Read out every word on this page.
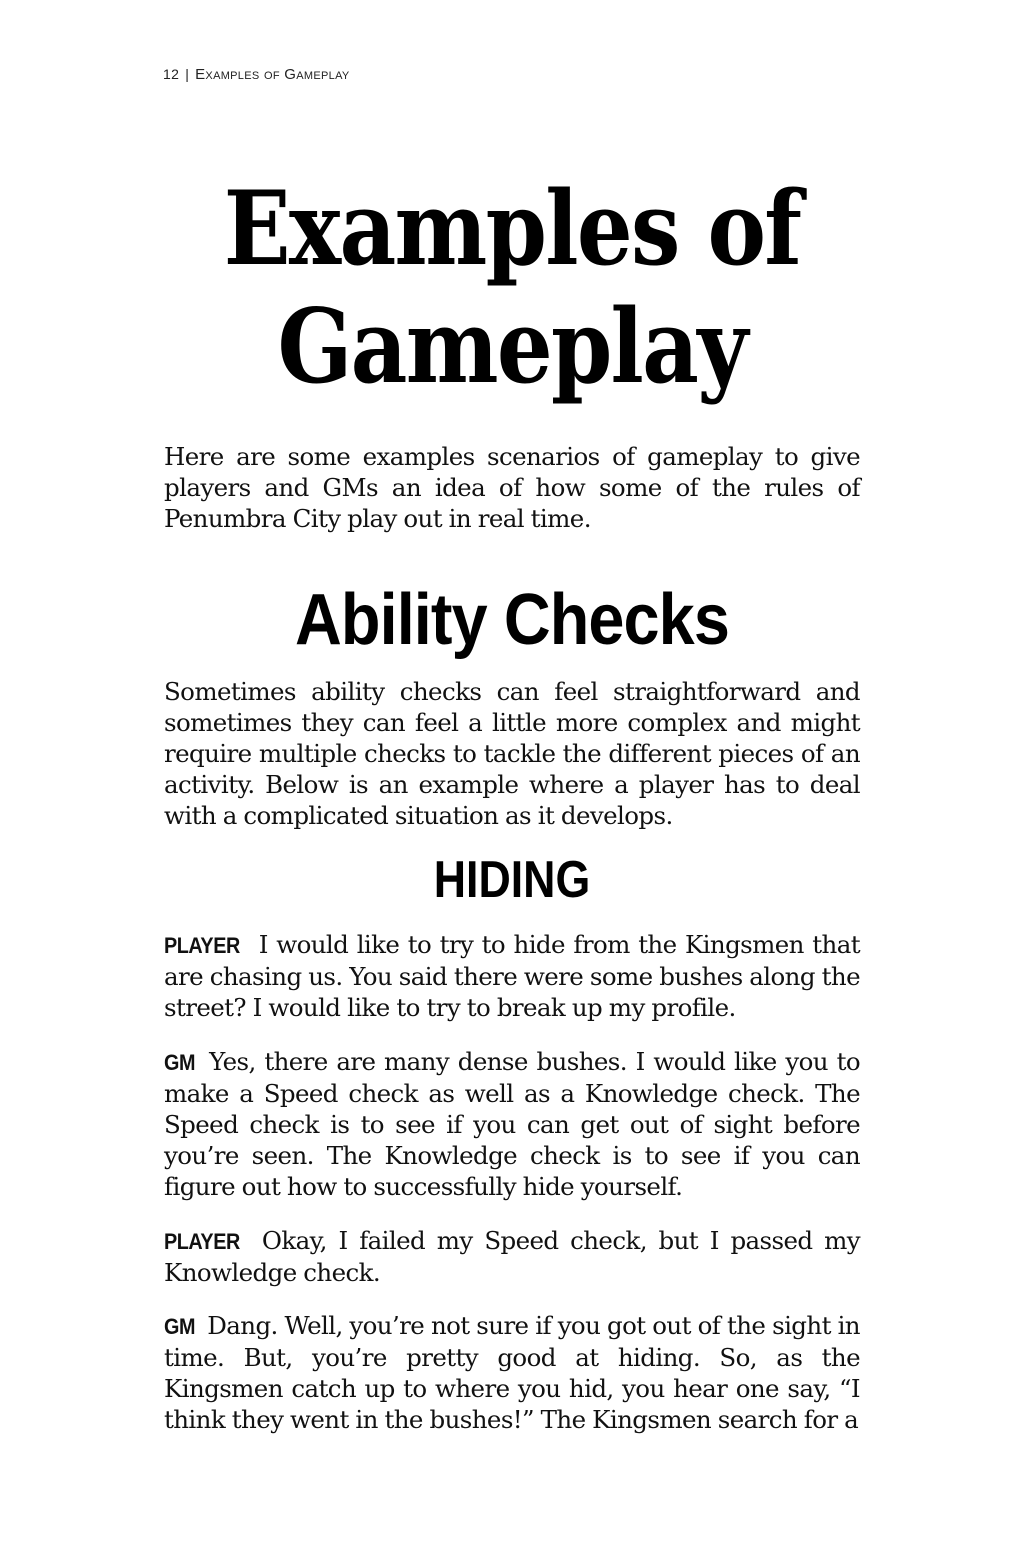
12 | Examples of Gameplay
Examples of
Gameplay

Here are some examples scenarios of gameplay to give players and GMs an idea of how some of the rules of Penumbra City play out in real time.

Ability Checks

Sometimes ability checks can feel straightforward and sometimes they can feel a little more complex and might require multiple checks to tackle the different pieces of an activity. Below is an example where a player has to deal with a complicated situation as it develops.

HIDING

PLAYER I would like to try to hide from the Kingsmen that are chasing us. You said there were some bushes along the street? I would like to try to break up my profile.

GM Yes, there are many dense bushes. I would like you to make a Speed check as well as a Knowledge check. The Speed check is to see if you can get out of sight before you’re seen. The Knowledge check is to see if you can figure out how to successfully hide yourself.

PLAYER Okay, I failed my Speed check, but I passed my Knowledge check.

GM Dang. Well, you’re not sure if you got out of the sight in time. But, you’re pretty good at hiding. So, as the Kingsmen catch up to where you hid, you hear one say, “I think they went in the bushes!” The Kingsmen search for a
